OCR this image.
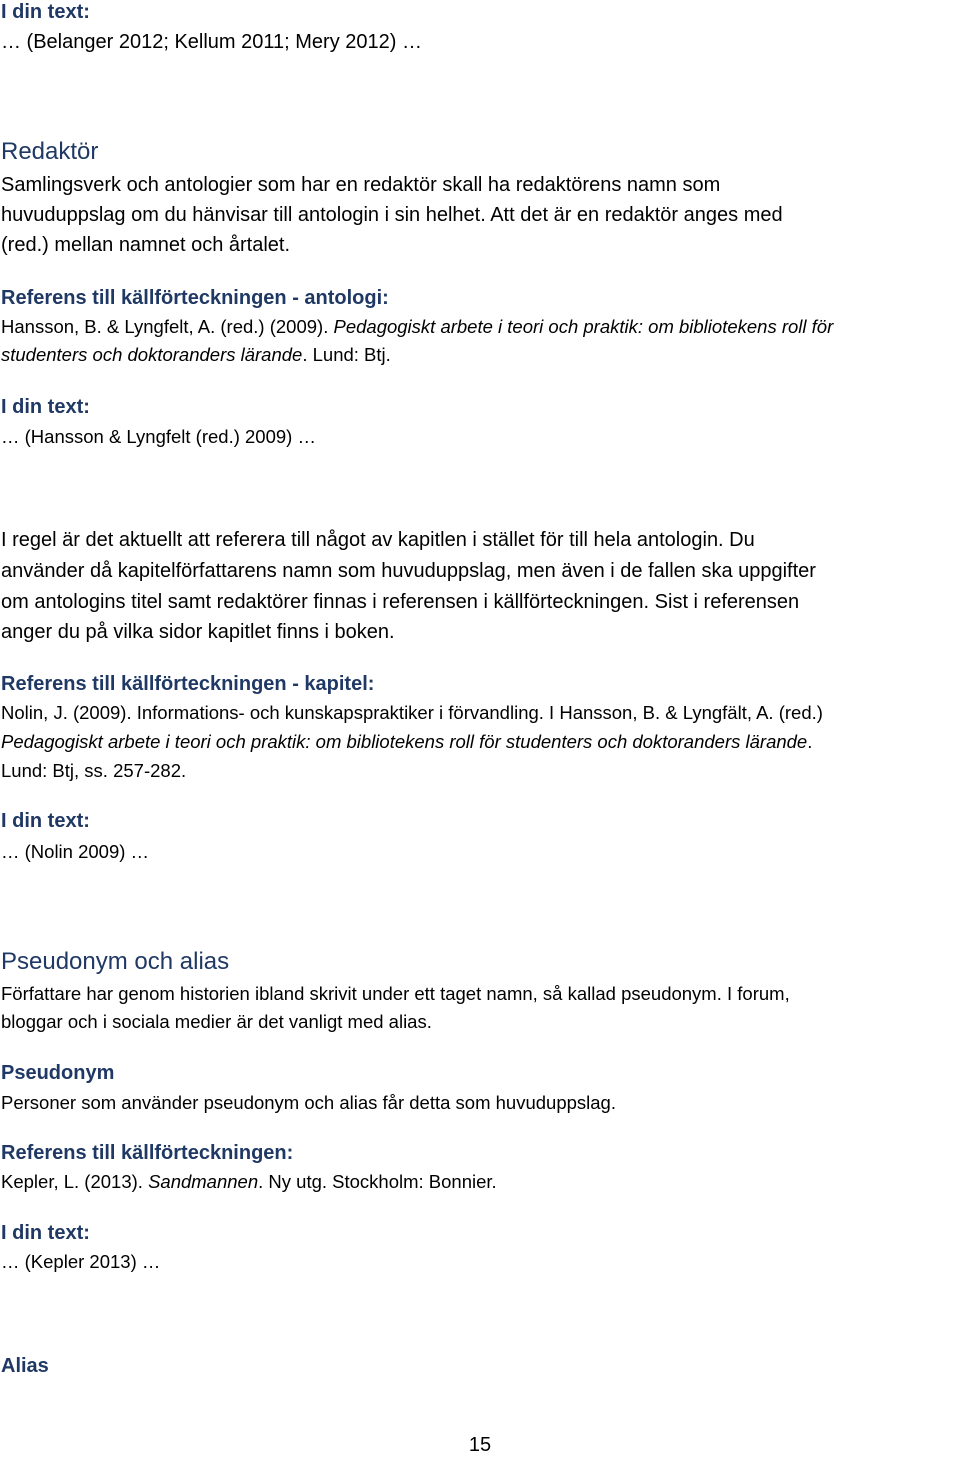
I din text:

… (Belanger 2012; Kellum 2011; Mery 2012) …

Redaktör

Samlingsverk och antologier som har en redaktör skall ha redaktörens namn som

huvuduppslag om du hänvisar till antologin i sin helhet. Att det är en redaktör anges med

(red.) mellan namnet och årtalet.

Referens till källförteckningen - antologi:

Hansson, B. & Lyngfelt, A. (red.) (2009). Pedagogiskt arbete i teori och praktik: om bibliotekens roll för

studenters och doktoranders lärande. Lund: Btj.

I din text:

… (Hansson & Lyngfelt (red.) 2009) …

I regel är det aktuellt att referera till något av kapitlen i stället för till hela antologin. Du

använder då kapitelförfattarens namn som huvuduppslag, men även i de fallen ska uppgifter

om antologins titel samt redaktörer finnas i referensen i källförteckningen. Sist i referensen

anger du på vilka sidor kapitlet finns i boken.

Referens till källförteckningen - kapitel:

Nolin, J. (2009). Informations- och kunskapspraktiker i förvandling. I Hansson, B. & Lyngfält, A. (red.)

Pedagogiskt arbete i teori och praktik: om bibliotekens roll för studenters och doktoranders lärande.

Lund: Btj, ss. 257-282.

I din text:

… (Nolin 2009) …

Pseudonym och alias

Författare har genom historien ibland skrivit under ett taget namn, så kallad pseudonym. I forum,

bloggar och i sociala medier är det vanligt med alias.

Pseudonym

Personer som använder pseudonym och alias får detta som huvuduppslag.

Referens till källförteckningen:

Kepler, L. (2013). Sandmannen. Ny utg. Stockholm: Bonnier.

I din text:

… (Kepler 2013) …

Alias

15
